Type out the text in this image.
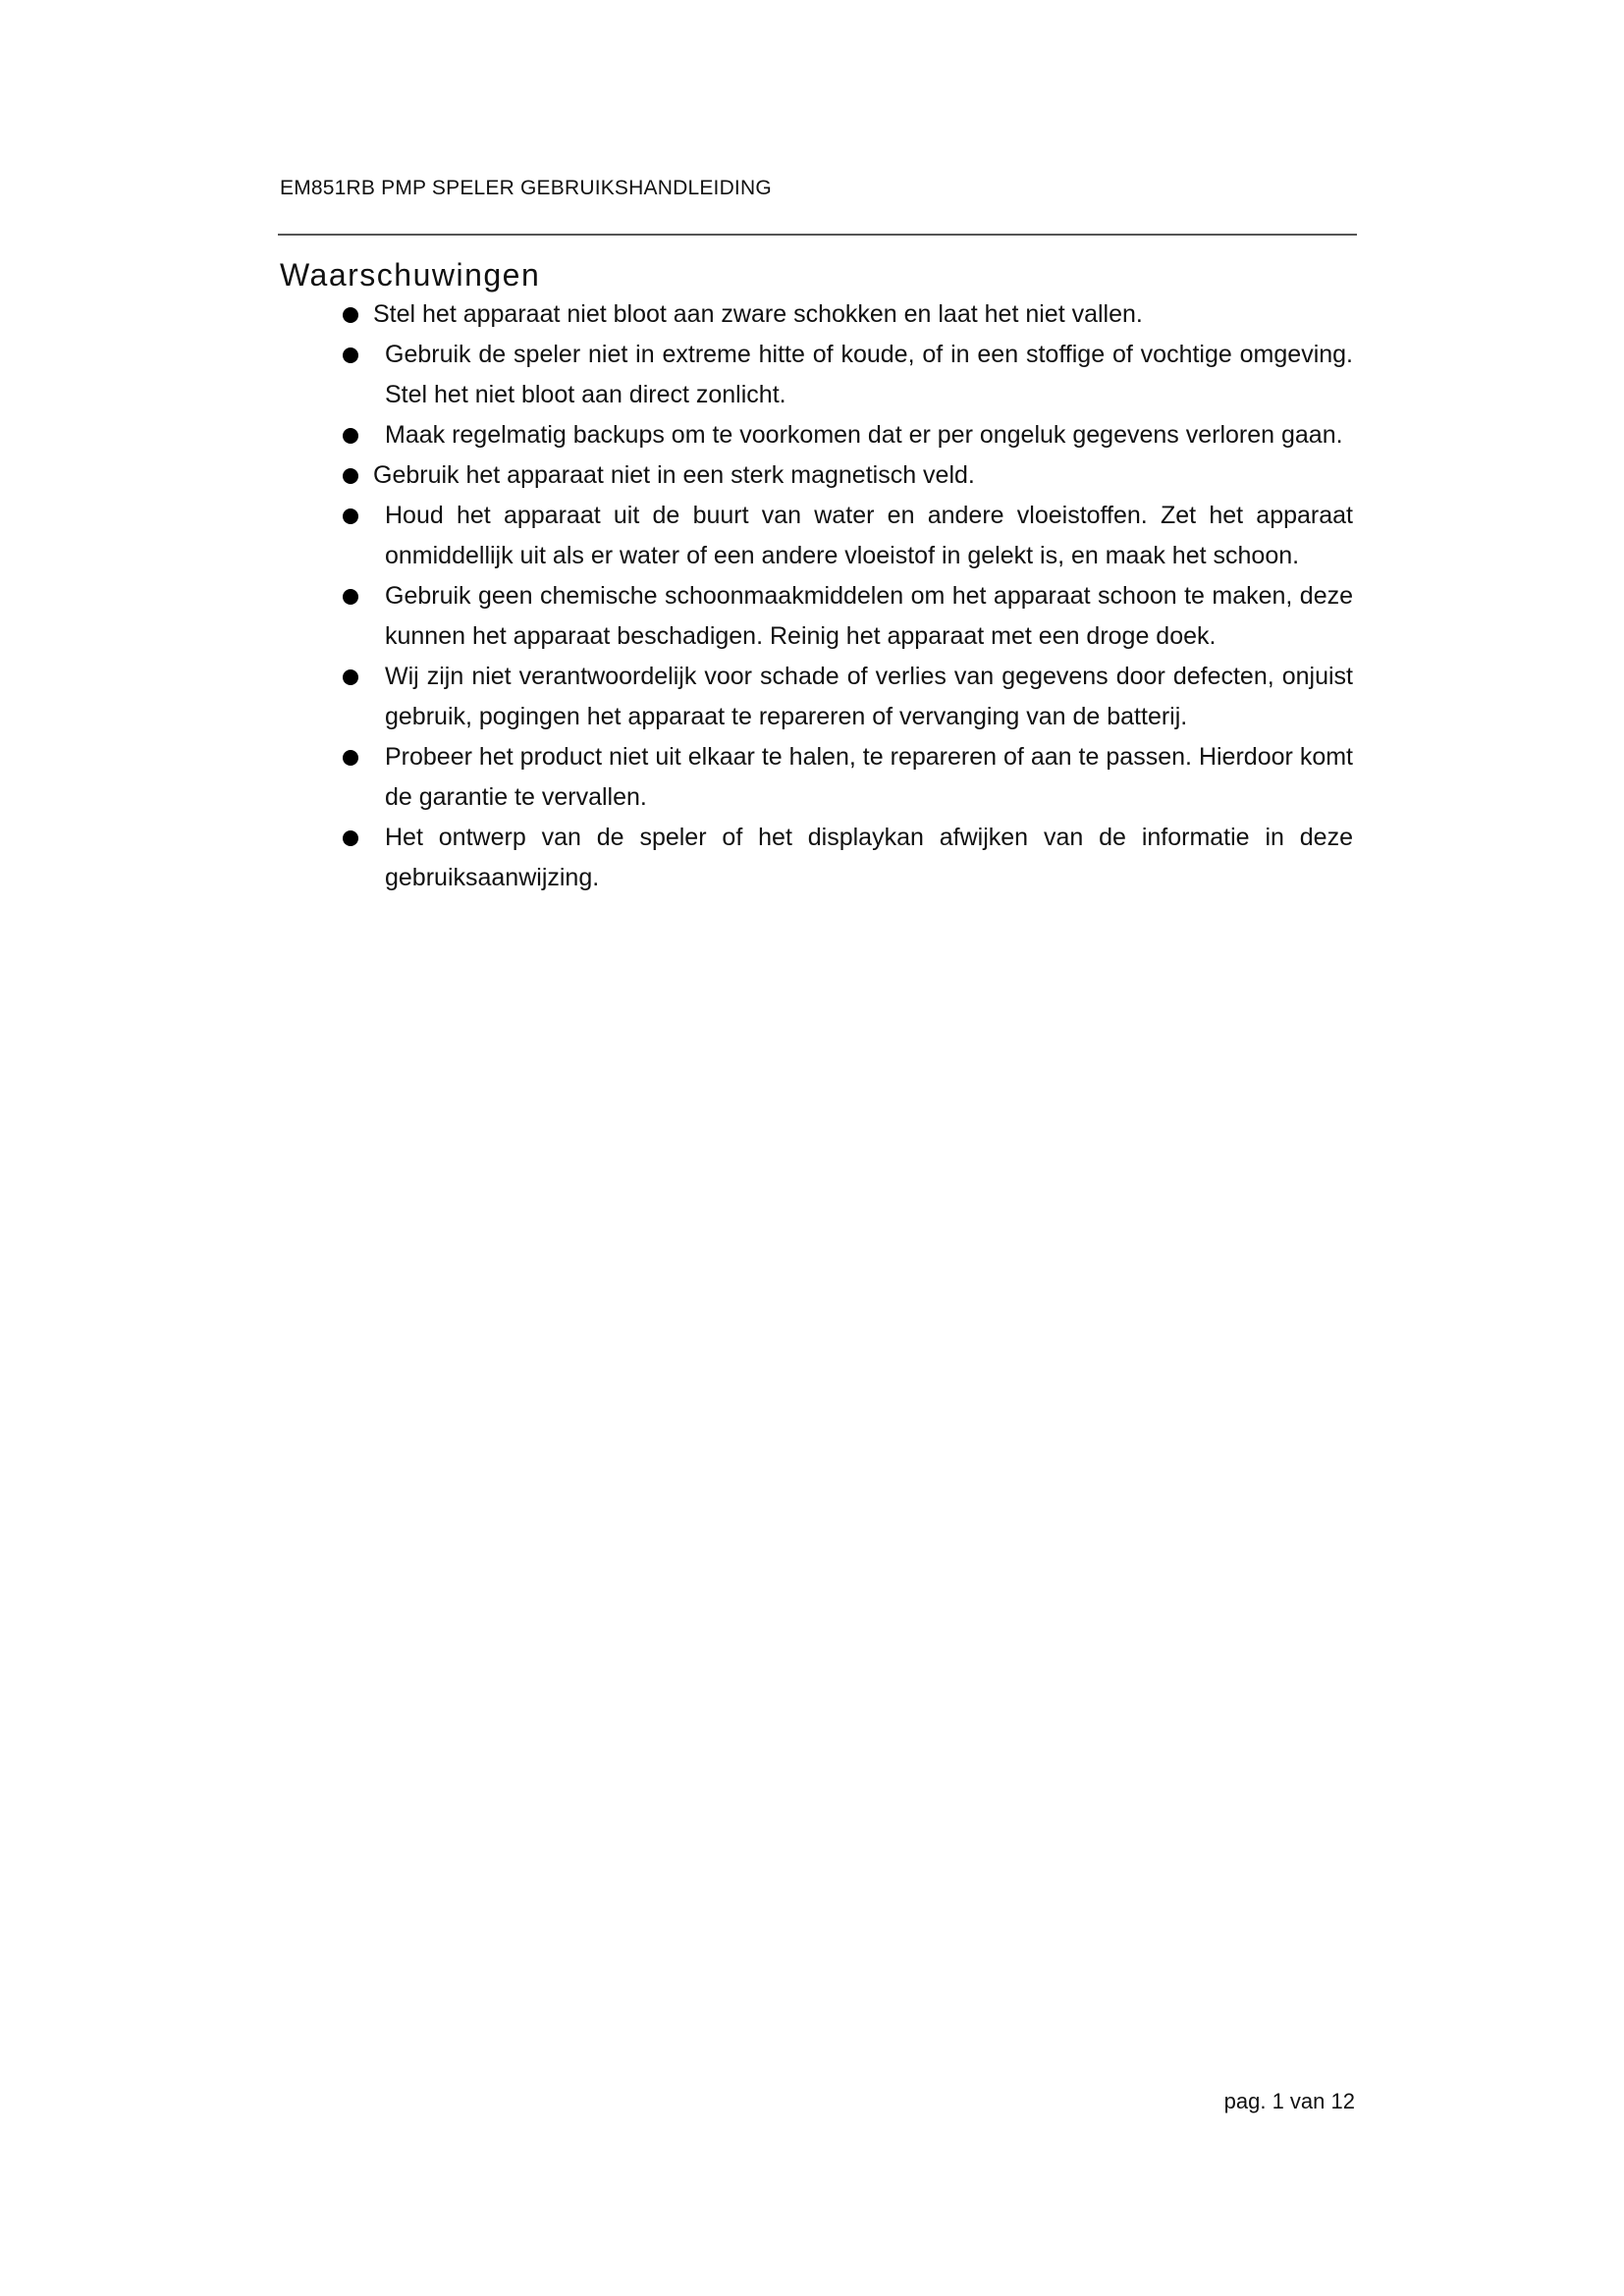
EM851RB PMP SPELER GEBRUIKSHANDLEIDING
Waarschuwingen
Stel het apparaat niet bloot aan zware schokken en laat het niet vallen.
Gebruik de speler niet in extreme hitte of koude, of in een stoffige of vochtige omgeving. Stel het niet bloot aan direct zonlicht.
Maak regelmatig backups om te voorkomen dat er per ongeluk gegevens verloren gaan.
Gebruik het apparaat niet in een sterk magnetisch veld.
Houd het apparaat uit de buurt van water en andere vloeistoffen. Zet het apparaat onmiddellijk uit als er water of een andere vloeistof in gelekt is, en maak het schoon.
Gebruik geen chemische schoonmaakmiddelen om het apparaat schoon te maken, deze kunnen het apparaat beschadigen. Reinig het apparaat met een droge doek.
Wij zijn niet verantwoordelijk voor schade of verlies van gegevens door defecten, onjuist gebruik, pogingen het apparaat te repareren of vervanging van de batterij.
Probeer het product niet uit elkaar te halen, te repareren of aan te passen. Hierdoor komt de garantie te vervallen.
Het ontwerp van de speler of het displaykan afwijken van de informatie in deze gebruiksaanwijzing.
pag. 1 van 12
